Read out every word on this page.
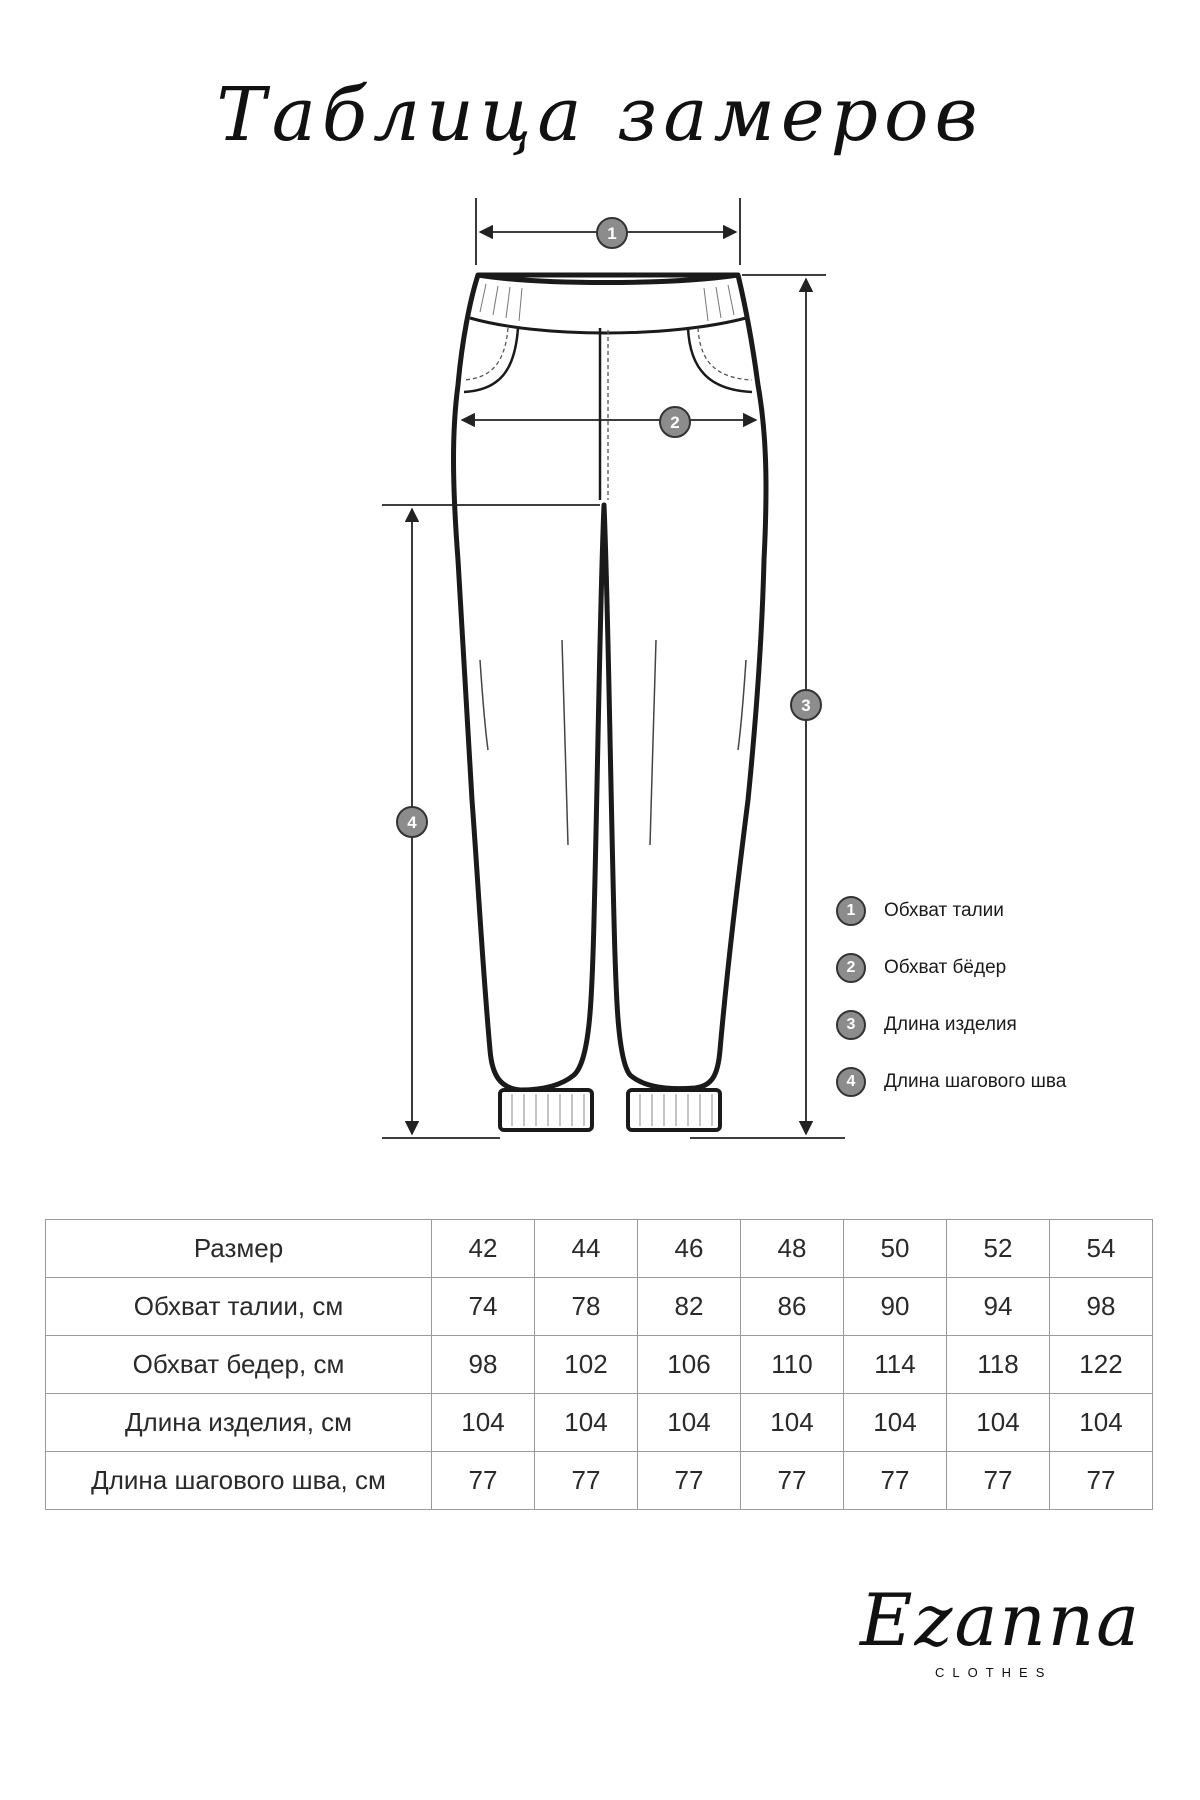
Таблица замеров
1
2
3
4
1	Обхват талии
2	Обхват бёдер
3	Длина изделия
4	Длина шагового шва
Размер	42	44	46	48	50	52	54
Обхват талии, см	74	78	82	86	90	94	98
Обхват бедер, см	98	102	106	110	114	118	122
Длина изделия, см	104	104	104	104	104	104	104
Длина шагового шва, см	77	77	77	77	77	77	77
Ezanna
CLOTHES
